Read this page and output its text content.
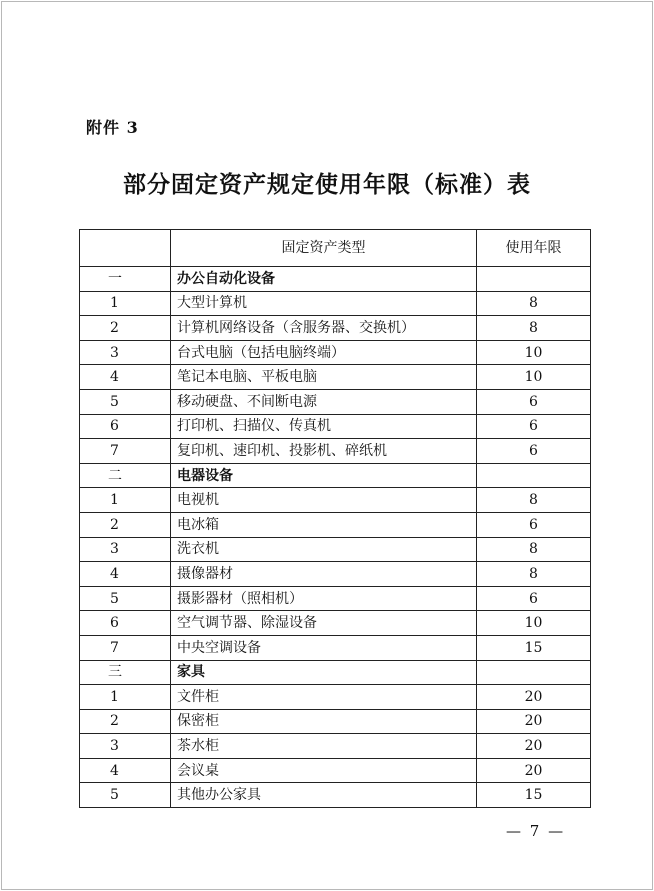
附件 3
部分固定资产规定使用年限（标准）表
	固定资产类型	使用年限
一	办公自动化设备	
1	大型计算机	8
2	计算机网络设备（含服务器、交换机）	8
3	台式电脑（包括电脑终端）	10
4	笔记本电脑、平板电脑	10
5	移动硬盘、不间断电源	6
6	打印机、扫描仪、传真机	6
7	复印机、速印机、投影机、碎纸机	6
二	电器设备	
1	电视机	8
2	电冰箱	6
3	洗衣机	8
4	摄像器材	8
5	摄影器材（照相机）	6
6	空气调节器、除湿设备	10
7	中央空调设备	15
三	家具	
1	文件柜	20
2	保密柜	20
3	茶水柜	20
4	会议桌	20
5	其他办公家具	15
— 7 —
